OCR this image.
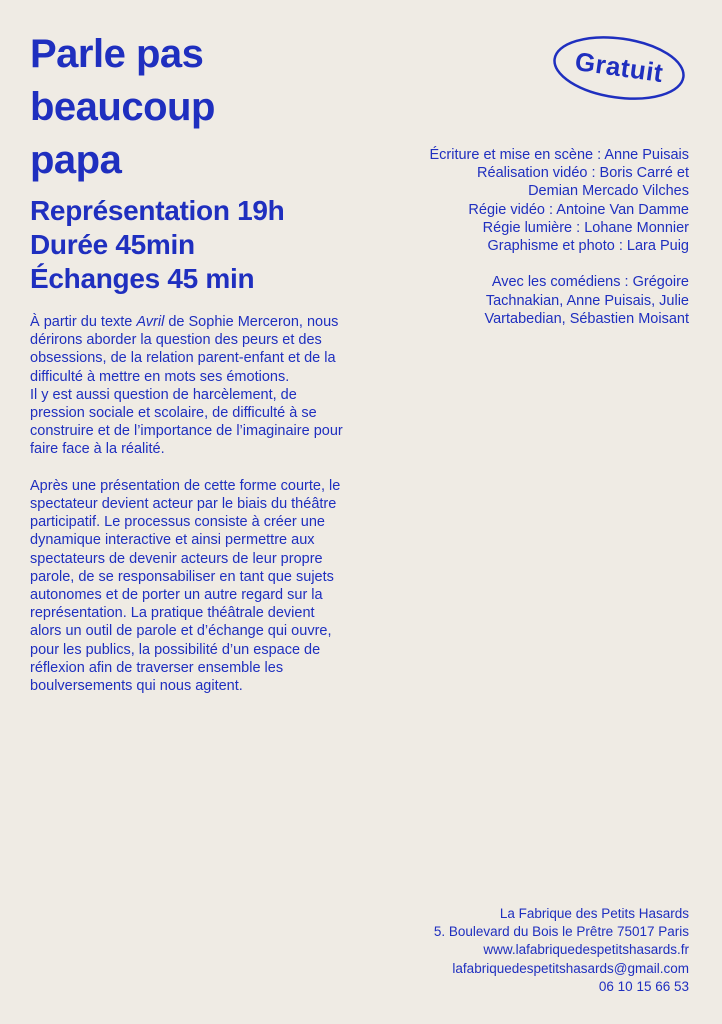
Parle pas
beaucoup
papa
Représentation 19h
Durée 45min
Échanges 45 min
Gratuit
Écriture et mise en scène : Anne Puisais
Réalisation vidéo : Boris Carré et
Demian Mercado Vilches
Régie vidéo : Antoine Van Damme
Régie lumière : Lohane Monnier
Graphisme et photo : Lara Puig
Avec les comédiens : Grégoire
Tachnakian, Anne Puisais, Julie
Vartabedian, Sébastien Moisant

À partir du texte Avril de Sophie Merceron, nous dérirons aborder la question des peurs et des obsessions, de la relation parent-enfant et de la difficulté à mettre en mots ses émotions.

Il y est aussi question de harcèlement, de pression sociale et scolaire, de difficulté à se construire et de l’importance de l’imaginaire pour faire face à la réalité.

Après une présentation de cette forme courte, le spectateur devient acteur par le biais du théâtre participatif. Le processus consiste à créer une dynamique interactive et ainsi permettre aux spectateurs de devenir acteurs de leur propre parole, de se responsabiliser en tant que sujets autonomes et de porter un autre regard sur la représentation. La pratique théâtrale devient alors un outil de parole et d’échange qui ouvre, pour les publics, la possibilité d’un espace de réflexion afin de traverser ensemble les boulversements qui nous agitent.

La Fabrique des Petits Hasards
5. Boulevard du Bois le Prêtre 75017 Paris
www.lafabriquedespetitshasards.fr
lafabriquedespetitshasards@gmail.com
06 10 15 66 53
